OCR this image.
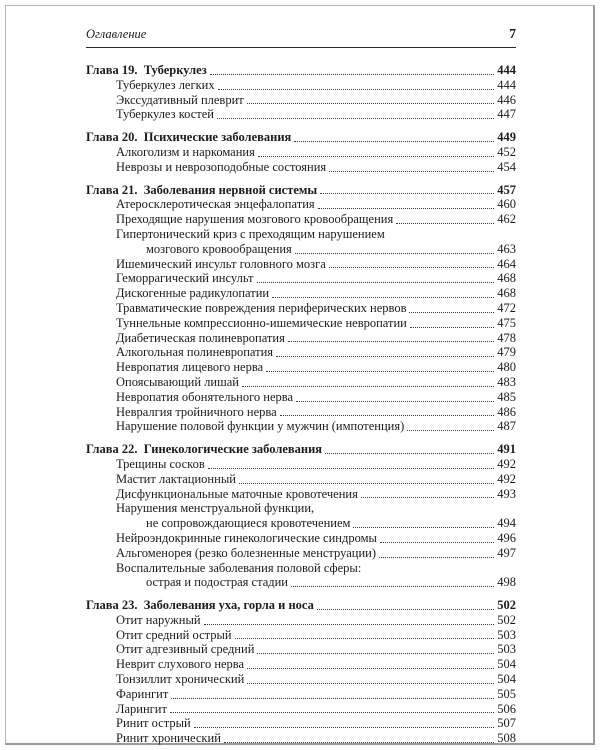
Оглавление	7
Глава 19.  Туберкулез	444
Туберкулез легких	444
Экссудативный плеврит	446
Туберкулез костей	447
Глава 20.  Психические заболевания	449
Алкоголизм и наркомания	452
Неврозы и неврозоподобные состояния	454
Глава 21.  Заболевания нервной системы	457
Атеросклеротическая энцефалопатия	460
Преходящие нарушения мозгового кровообращения	462
Гипертонический криз с преходящим нарушением
мозгового кровообращения	463
Ишемический инсульт головного мозга	464
Геморрагический инсульт	468
Дискогенные радикулопатии	468
Травматические повреждения периферических нервов	472
Туннельные компрессионно-ишемические невропатии	475
Диабетическая полиневропатия	478
Алкогольная полиневропатия	479
Невропатия лицевого нерва	480
Опоясывающий лишай	483
Невропатия обонятельного нерва	485
Невралгия тройничного нерва	486
Нарушение половой функции у мужчин (импотенция)	487
Глава 22.  Гинекологические заболевания	491
Трещины сосков	492
Мастит лактационный	492
Дисфункциональные маточные кровотечения	493
Нарушения менструальной функции,
не сопровождающиеся кровотечением	494
Нейроэндокринные гинекологические синдромы	496
Альгоменорея (резко болезненные менструации)	497
Воспалительные заболевания половой сферы:
острая и подострая стадии	498
Глава 23.  Заболевания уха, горла и носа	502
Отит наружный	502
Отит средний острый	503
Отит адгезивный средний	503
Неврит слухового нерва	504
Тонзиллит хронический	504
Фарингит	505
Ларингит	506
Ринит острый	507
Ринит хронический	508
